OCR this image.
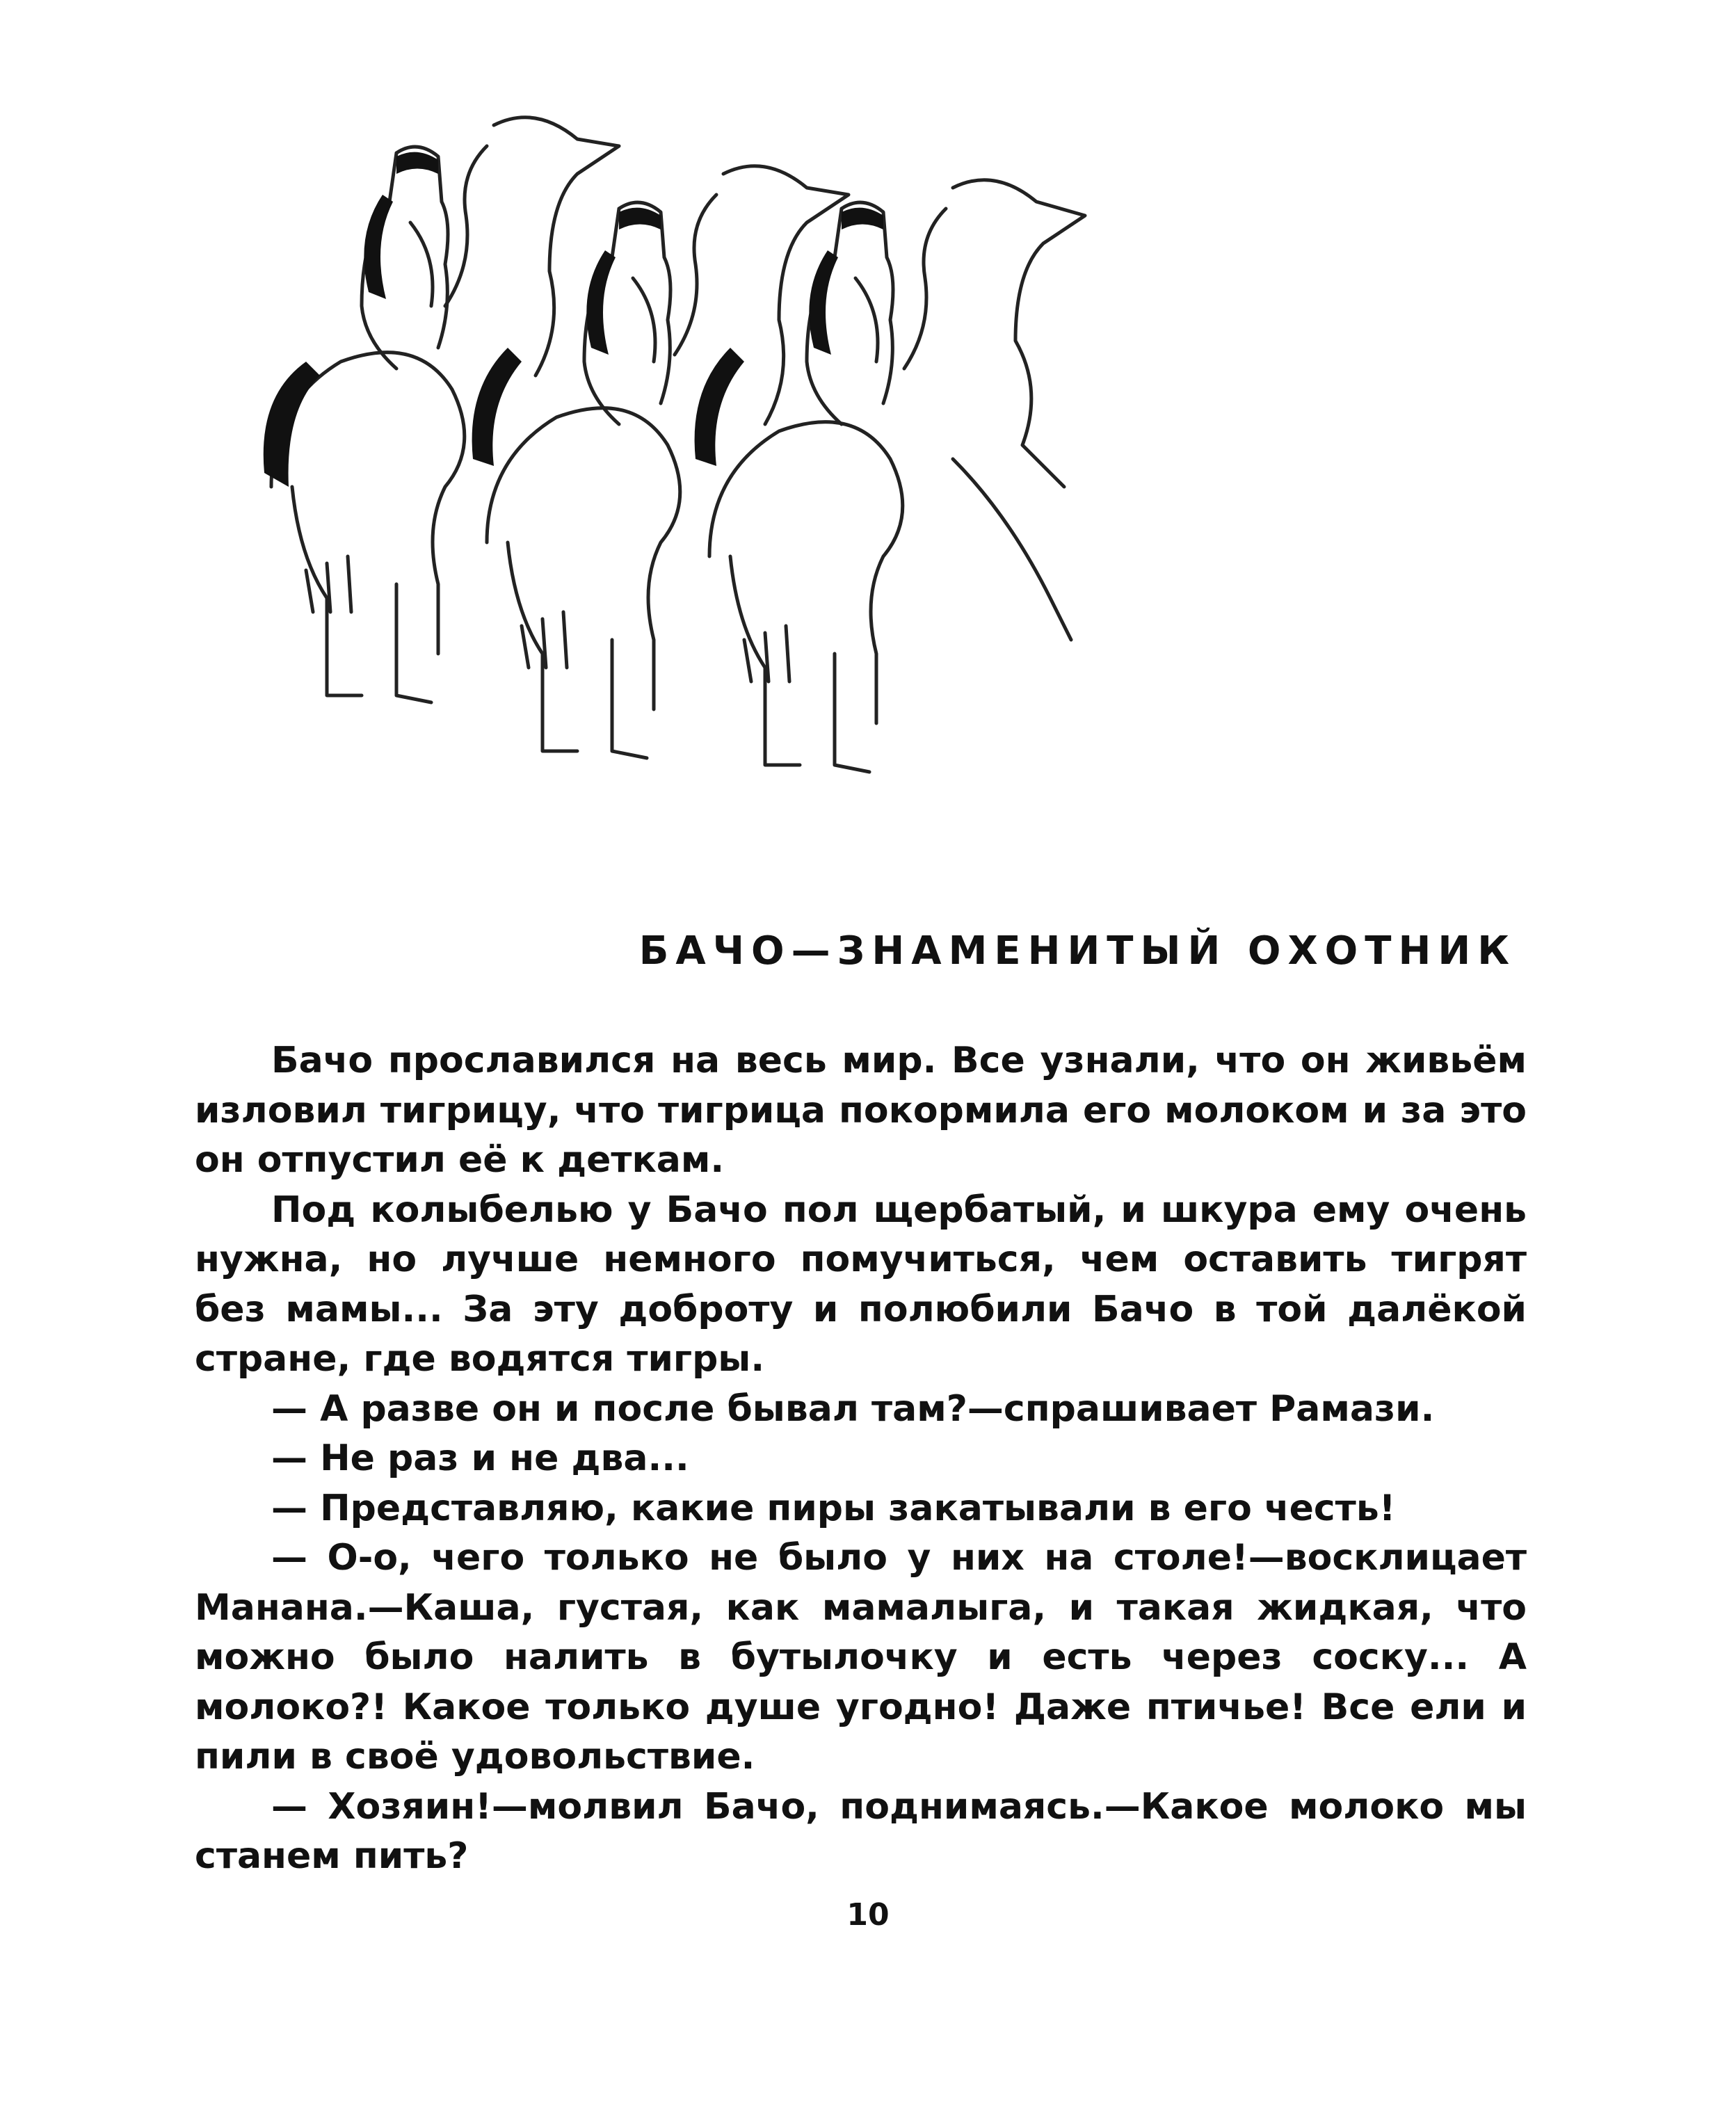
БАЧО—ЗНАМЕНИТЫЙ ОХОТНИК

Бачо прославился на весь мир. Все узнали, что он живьём изловил тигрицу, что тигрица покормила его молоком и за это он отпустил её к деткам.

Под колыбелью у Бачо пол щербатый, и шкура ему очень нужна, но лучше немного помучиться, чем оставить тигрят без мамы... За эту доброту и полюбили Бачо в той далёкой стране, где водятся тигры.

— А разве он и после бывал там?—спрашивает Рамази.

— Не раз и не два...

— Представляю, какие пиры закатывали в его честь!

— О-о, чего только не было у них на столе!—восклицает Манана.—Каша, густая, как мамалыга, и такая жидкая, что можно было налить в бутылочку и есть через соску... А молоко?! Какое только душе угодно! Даже птичье! Все ели и пили в своё удовольствие.

— Хозяин!—молвил Бачо, поднимаясь.—Какое молоко мы станем пить?

10
